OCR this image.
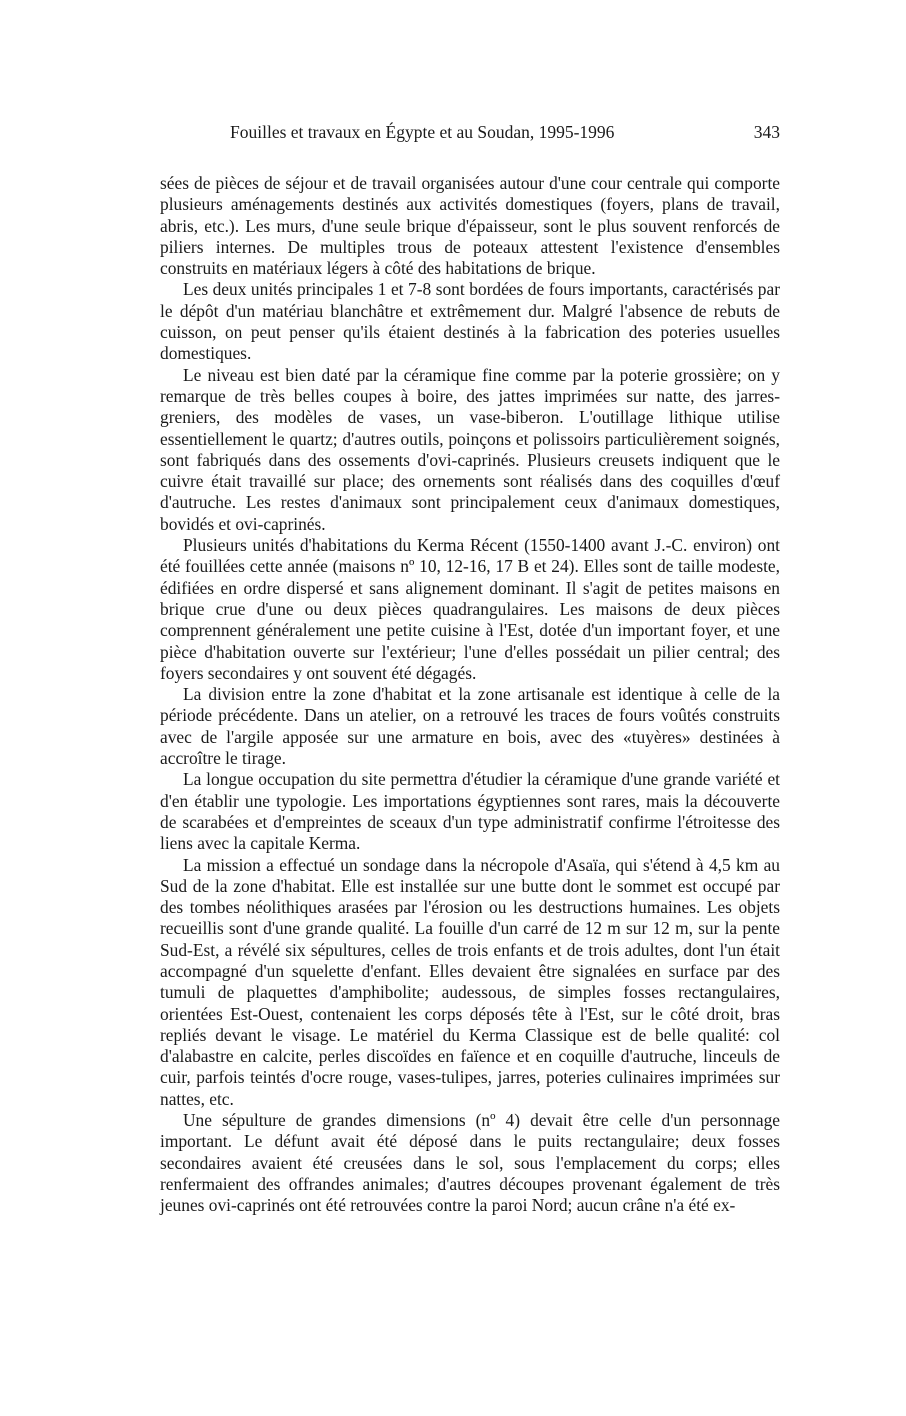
Fouilles et travaux en Égypte et au Soudan, 1995-1996	343

sées de pièces de séjour et de travail organisées autour d'une cour centrale qui comporte plusieurs aménagements destinés aux activités domestiques (foyers, plans de travail, abris, etc.). Les murs, d'une seule brique d'épaisseur, sont le plus souvent renforcés de piliers internes. De multiples trous de poteaux attestent l'existence d'ensembles construits en matériaux légers à côté des habitations de brique.

Les deux unités principales 1 et 7-8 sont bordées de fours importants, caractérisés par le dépôt d'un matériau blanchâtre et extrêmement dur. Malgré l'absence de rebuts de cuisson, on peut penser qu'ils étaient destinés à la fabrication des poteries usuelles domestiques.

Le niveau est bien daté par la céramique fine comme par la poterie grossière; on y remarque de très belles coupes à boire, des jattes imprimées sur natte, des jarres-greniers, des modèles de vases, un vase-biberon. L'outillage lithique utilise essentiellement le quartz; d'autres outils, poinçons et polissoirs particulièrement soignés, sont fabriqués dans des ossements d'ovi-caprinés. Plusieurs creusets indiquent que le cuivre était travaillé sur place; des ornements sont réalisés dans des coquilles d'œuf d'autruche. Les restes d'animaux sont principalement ceux d'animaux domestiques, bovidés et ovi-caprinés.

Plusieurs unités d'habitations du Kerma Récent (1550-1400 avant J.-C. environ) ont été fouillées cette année (maisons nº 10, 12-16, 17 B et 24). Elles sont de taille modeste, édifiées en ordre dispersé et sans alignement dominant. Il s'agit de petites maisons en brique crue d'une ou deux pièces quadrangulaires. Les maisons de deux pièces comprennent généralement une petite cuisine à l'Est, dotée d'un important foyer, et une pièce d'habitation ouverte sur l'extérieur; l'une d'elles possédait un pilier central; des foyers secondaires y ont souvent été dégagés.

La division entre la zone d'habitat et la zone artisanale est identique à celle de la période précédente. Dans un atelier, on a retrouvé les traces de fours voûtés construits avec de l'argile apposée sur une armature en bois, avec des «tuyères» destinées à accroître le tirage.

La longue occupation du site permettra d'étudier la céramique d'une grande variété et d'en établir une typologie. Les importations égyptiennes sont rares, mais la découverte de scarabées et d'empreintes de sceaux d'un type administratif confirme l'étroitesse des liens avec la capitale Kerma.

La mission a effectué un sondage dans la nécropole d'Asaïa, qui s'étend à 4,5 km au Sud de la zone d'habitat. Elle est installée sur une butte dont le sommet est occupé par des tombes néolithiques arasées par l'érosion ou les destructions humaines. Les objets recueillis sont d'une grande qualité. La fouille d'un carré de 12 m sur 12 m, sur la pente Sud-Est, a révélé six sépultures, celles de trois enfants et de trois adultes, dont l'un était accompagné d'un squelette d'enfant. Elles devaient être signalées en surface par des tumuli de plaquettes d'amphibolite; audessous, de simples fosses rectangulaires, orientées Est-Ouest, contenaient les corps déposés tête à l'Est, sur le côté droit, bras repliés devant le visage. Le matériel du Kerma Classique est de belle qualité: col d'alabastre en calcite, perles discoïdes en faïence et en coquille d'autruche, linceuls de cuir, parfois teintés d'ocre rouge, vases-tulipes, jarres, poteries culinaires imprimées sur nattes, etc.

Une sépulture de grandes dimensions (nº 4) devait être celle d'un personnage important. Le défunt avait été déposé dans le puits rectangulaire; deux fosses secondaires avaient été creusées dans le sol, sous l'emplacement du corps; elles renfermaient des offrandes animales; d'autres découpes provenant également de très jeunes ovi-caprinés ont été retrouvées contre la paroi Nord; aucun crâne n'a été ex-
